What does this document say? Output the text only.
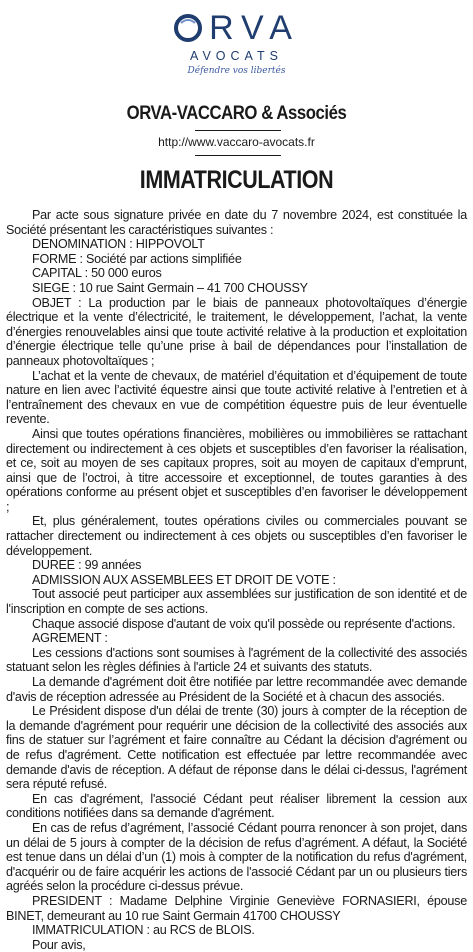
RVA
AVOCATS
Défendre vos libertés
ORVA-VACCARO & Associés
http://www.vaccaro-avocats.fr
IMMATRICULATION

Par acte sous signature privée en date du 7 novembre 2024, est constituée la Société présentant les caractéristiques suivantes :

DENOMINATION : HIPPOVOLT

FORME : Société par actions simplifiée

CAPITAL : 50 000 euros

SIEGE : 10 rue Saint Germain – 41 700 CHOUSSY

OBJET : La production par le biais de panneaux photovoltaïques d’énergie électrique et la vente d’électricité, le traitement, le développement, l’achat, la vente d’énergies renouvelables ainsi que toute activité relative à la production et exploitation d’énergie électrique telle qu’une prise à bail de dépendances pour l’installation de panneaux photovoltaïques ;

L’achat et la vente de chevaux, de matériel d’équitation et d’équipement de toute nature en lien avec l’activité équestre ainsi que toute activité relative à l’entretien et à l’entraînement des chevaux en vue de compétition équestre puis de leur éventuelle revente.

Ainsi que toutes opérations financières, mobilières ou immobilières se rattachant directement ou indirectement à ces objets et susceptibles d’en favoriser la réalisation, et ce, soit au moyen de ses capitaux propres, soit au moyen de capitaux d’emprunt, ainsi que de l’octroi, à titre accessoire et exceptionnel, de toutes garanties à des opérations conforme au présent objet et susceptibles d’en favoriser le développement ;

Et, plus généralement, toutes opérations civiles ou commerciales pouvant se rattacher directement ou indirectement à ces objets ou susceptibles d’en favoriser le développement.

DUREE : 99 années

ADMISSION AUX ASSEMBLEES ET DROIT DE VOTE :

Tout associé peut participer aux assemblées sur justification de son identité et de l'inscription en compte de ses actions.

Chaque associé dispose d'autant de voix qu'il possède ou représente d'actions.

AGREMENT :

Les cessions d'actions sont soumises à l'agrément de la collectivité des associés statuant selon les règles définies à l'article 24 et suivants des statuts.

La demande d'agrément doit être notifiée par lettre recommandée avec demande d'avis de réception adressée au Président de la Société et à chacun des associés.

Le Président dispose d'un délai de trente (30) jours à compter de la réception de la demande d'agrément pour requérir une décision de la collectivité des associés aux fins de statuer sur l’agrément et faire connaître au Cédant la décision d'agrément ou de refus d'agrément. Cette notification est effectuée par lettre recommandée avec demande d'avis de réception. A défaut de réponse dans le délai ci-dessus, l'agrément sera réputé refusé.

En cas d'agrément, l'associé Cédant peut réaliser librement la cession aux conditions notifiées dans sa demande d'agrément.

En cas de refus d’agrément, l’associé Cédant pourra renoncer à son projet, dans un délai de 5 jours à compter de la décision de refus d’agrément. A défaut, la Société est tenue dans un délai d’un (1) mois à compter de la notification du refus d'agrément, d'acquérir ou de faire acquérir les actions de l'associé Cédant par un ou plusieurs tiers agréés selon la procédure ci-dessus prévue.

PRESIDENT : Madame Delphine Virginie Geneviève FORNASIERI, épouse BINET, demeurant au 10 rue Saint Germain 41700 CHOUSSY

IMMATRICULATION : au RCS de BLOIS.

Pour avis,
